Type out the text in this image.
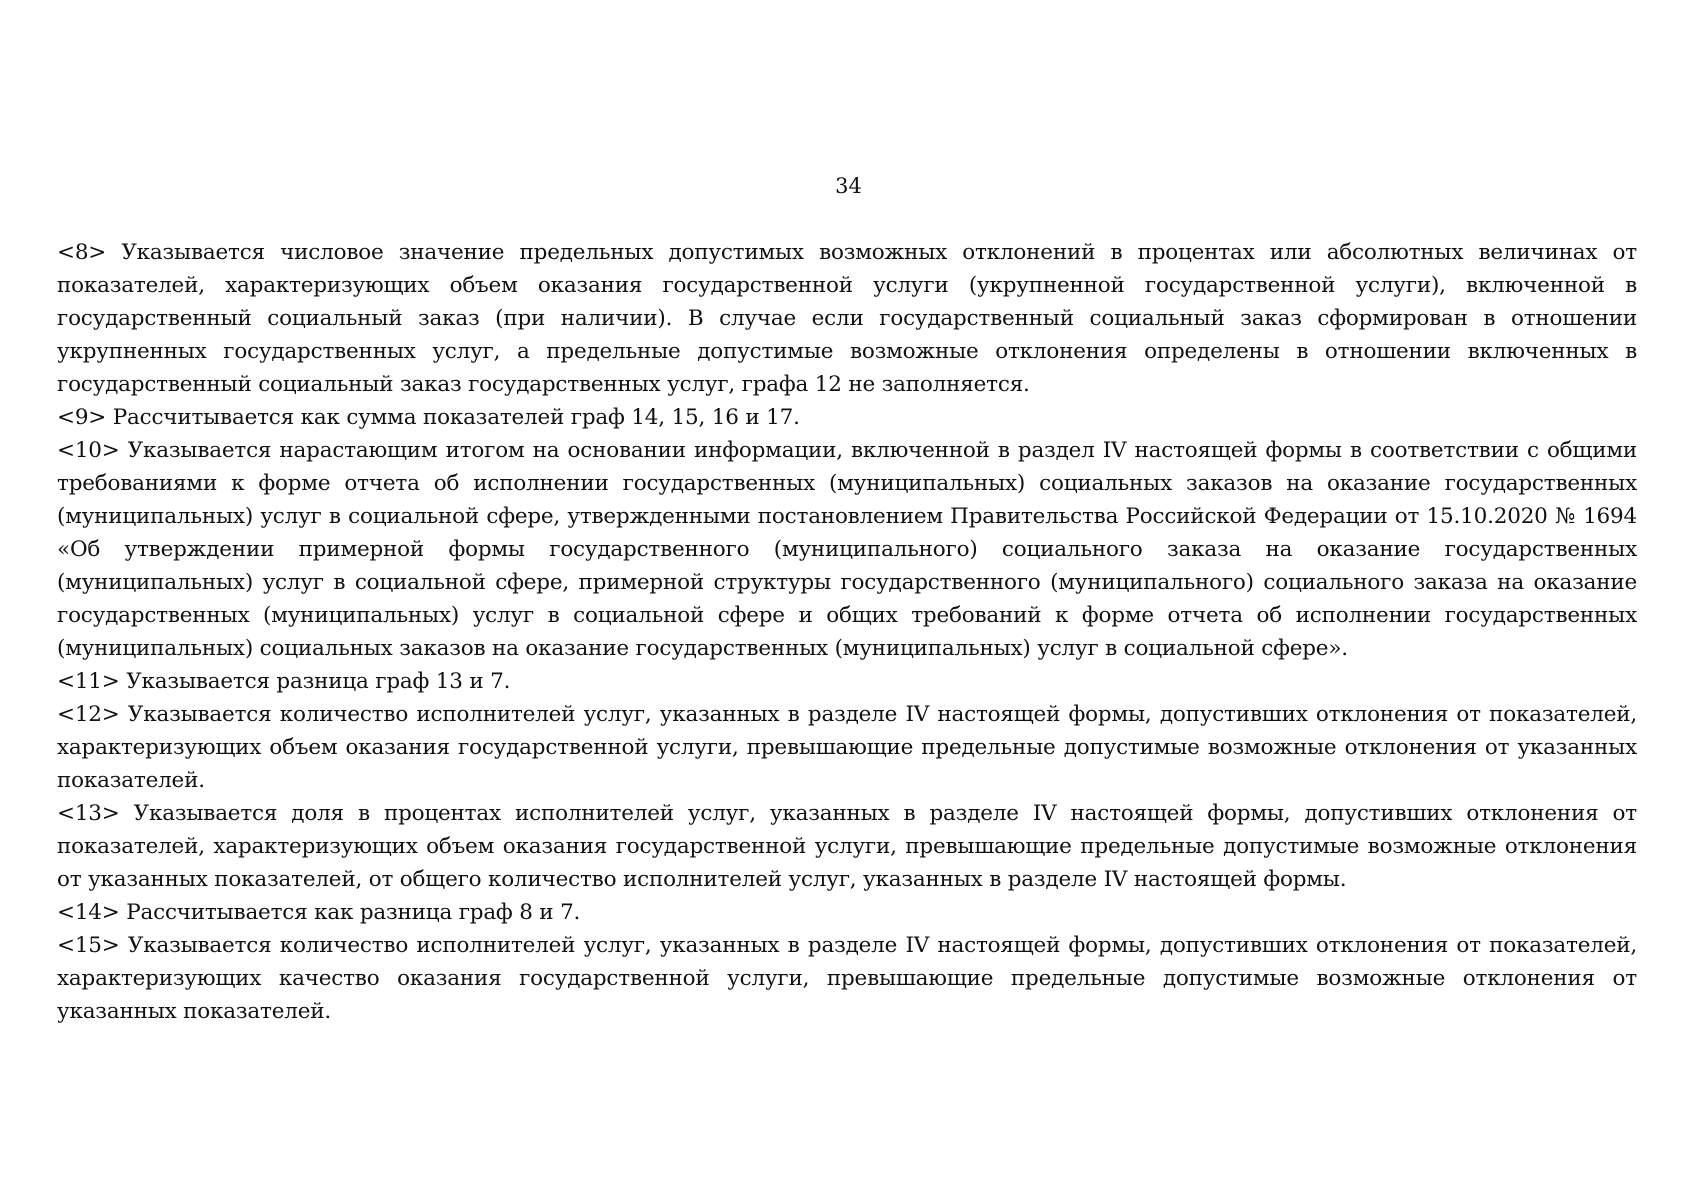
34

<8> Указывается числовое значение предельных допустимых возможных отклонений в процентах или абсолютных величинах от показателей, характеризующих объем оказания государственной услуги (укрупненной государственной услуги), включенной в государственный социальный заказ (при наличии). В случае если государственный социальный заказ сформирован в отношении укрупненных государственных услуг, а предельные допустимые возможные отклонения определены в отношении включенных в государственный социальный заказ государственных услуг, графа 12 не заполняется.

<9> Рассчитывается как сумма показателей граф 14, 15, 16 и 17.

<10> Указывается нарастающим итогом на основании информации, включенной в раздел IV настоящей формы в соответствии с общими требованиями к форме отчета об исполнении государственных (муниципальных) социальных заказов на оказание государственных (муниципальных) услуг в социальной сфере, утвержденными постановлением Правительства Российской Федерации от 15.10.2020 № 1694 «Об утверждении примерной формы государственного (муниципального) социального заказа на оказание государственных (муниципальных) услуг в социальной сфере, примерной структуры государственного (муниципального) социального заказа на оказание государственных (муниципальных) услуг в социальной сфере и общих требований к форме отчета об исполнении государственных (муниципальных) социальных заказов на оказание государственных (муниципальных) услуг в социальной сфере».

<11> Указывается разница граф 13 и 7.

<12> Указывается количество исполнителей услуг, указанных в разделе IV настоящей формы, допустивших отклонения от показателей, характеризующих объем оказания государственной услуги, превышающие предельные допустимые возможные отклонения от указанных показателей.

<13> Указывается доля в процентах исполнителей услуг, указанных в разделе IV настоящей формы, допустивших отклонения от показателей, характеризующих объем оказания государственной услуги, превышающие предельные допустимые возможные отклонения от указанных показателей, от общего количество исполнителей услуг, указанных в разделе IV настоящей формы.

<14> Рассчитывается как разница граф 8 и 7.

<15> Указывается количество исполнителей услуг, указанных в разделе IV настоящей формы, допустивших отклонения от показателей, характеризующих качество оказания государственной услуги, превышающие предельные допустимые возможные отклонения от указанных показателей.
